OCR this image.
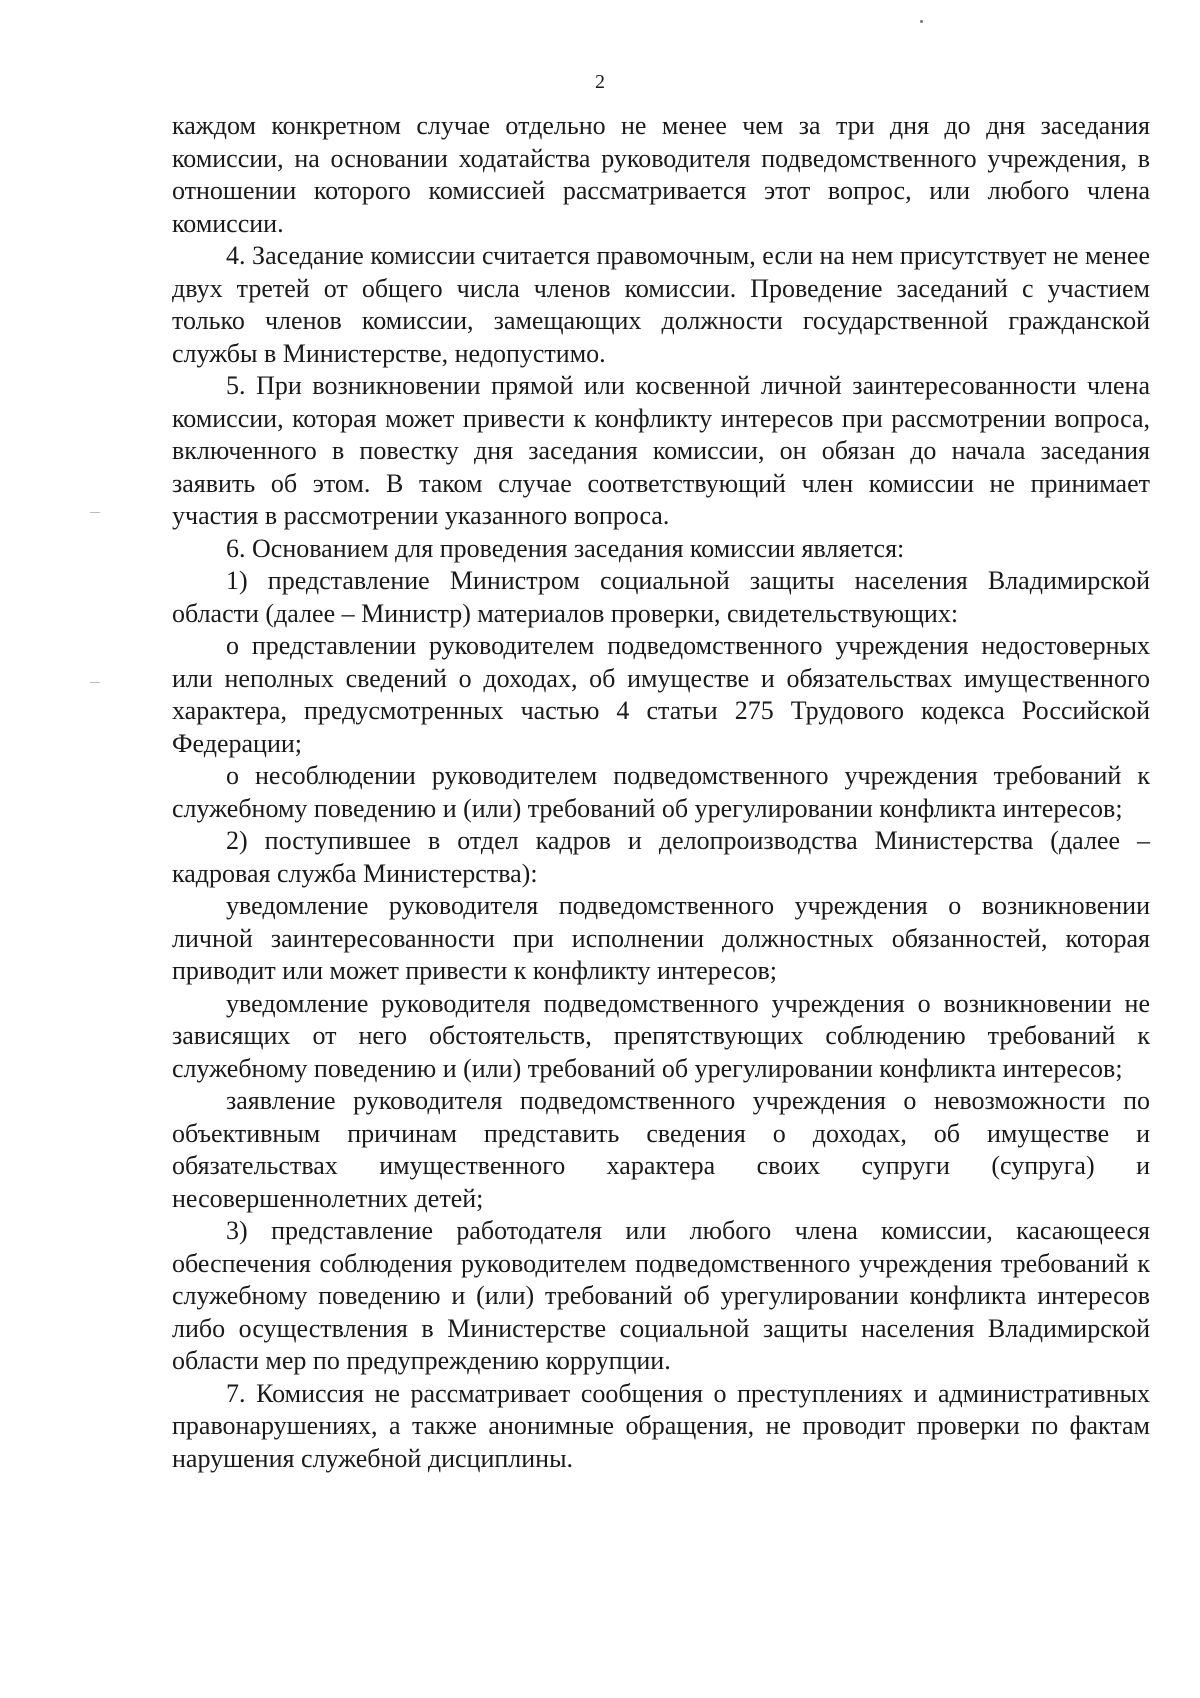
2

каждом конкретном случае отдельно не менее чем за три дня до дня заседания комиссии, на основании ходатайства руководителя подведомственного учреждения, в отношении которого комиссией рассматривается этот вопрос, или любого члена комиссии.

4. Заседание комиссии считается правомочным, если на нем присутствует не менее двух третей от общего числа членов комиссии. Проведение заседаний с участием только членов комиссии, замещающих должности государственной гражданской службы в Министерстве, недопустимо.

5. При возникновении прямой или косвенной личной заинтересованности члена комиссии, которая может привести к конфликту интересов при рассмотрении вопроса, включенного в повестку дня заседания комиссии, он обязан до начала заседания заявить об этом. В таком случае соответствующий член комиссии не принимает участия в рассмотрении указанного вопроса.

6. Основанием для проведения заседания комиссии является:

1) представление Министром социальной защиты населения Владимирской области (далее – Министр) материалов проверки, свидетельствующих:

о представлении руководителем подведомственного учреждения недостоверных или неполных сведений о доходах, об имуществе и обязательствах имущественного характера, предусмотренных частью 4 статьи 275 Трудового кодекса Российской Федерации;

о несоблюдении руководителем подведомственного учреждения требований к служебному поведению и (или) требований об урегулировании конфликта интересов;

2) поступившее в отдел кадров и делопроизводства Министерства (далее – кадровая служба Министерства):

уведомление руководителя подведомственного учреждения о возникновении личной заинтересованности при исполнении должностных обязанностей, которая приводит или может привести к конфликту интересов;

уведомление руководителя подведомственного учреждения о возникновении не зависящих от него обстоятельств, препятствующих соблюдению требований к служебному поведению и (или) требований об урегулировании конфликта интересов;

заявление руководителя подведомственного учреждения о невозможности по объективным причинам представить сведения о доходах, об имуществе и обязательствах имущественного характера своих супруги (супруга) и несовершеннолетних детей;

3) представление работодателя или любого члена комиссии, касающееся обеспечения соблюдения руководителем подведомственного учреждения требований к служебному поведению и (или) требований об урегулировании конфликта интересов либо осуществления в Министерстве социальной защиты населения Владимирской области мер по предупреждению коррупции.

7. Комиссия не рассматривает сообщения о преступлениях и административных правонарушениях, а также анонимные обращения, не проводит проверки по фактам нарушения служебной дисциплины.
